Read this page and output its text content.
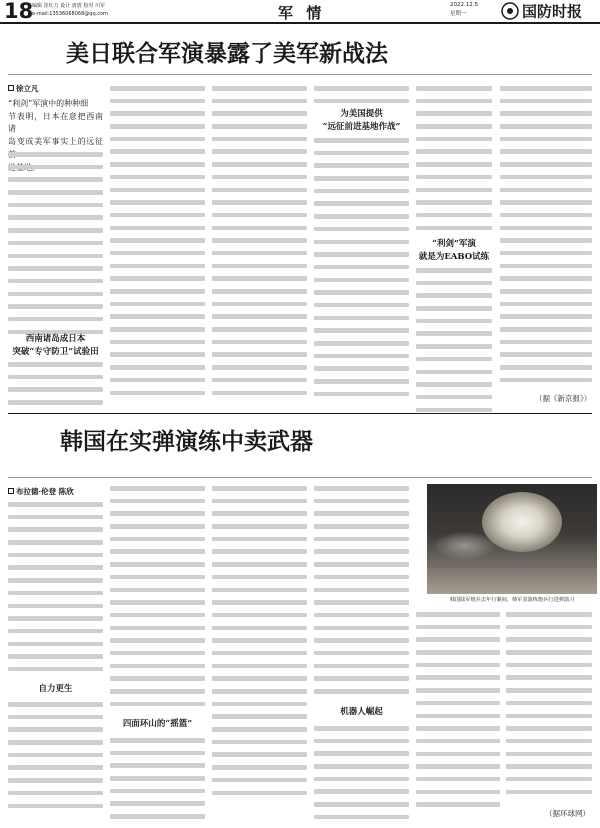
18
编辑 崔红力 设计 唐震 校对 川军
e-mail:13536068068@qq.com	军 情	2022.12.5
星期一	国防时报
美日联合军演暴露了美军新战法
徐立凡
“利剑”军演中的种种细
节表明，日本在意把西南诸
岛变成美军事实上的远征
西南诸岛成日本
突破“专守防卫”试验田
为美国提供
“远征前进基地作战”
“利剑”军演
就是为EABO试练
（据《新京报》）
韩国在实弹演练中卖武器
布拉德·伦登 陈欣
自力更生
四面环山的“摇篮”
机器人崛起
韩国陆军炮兵去年行案间，韩军表演练炮兵行进弹演习
（据环球网）
